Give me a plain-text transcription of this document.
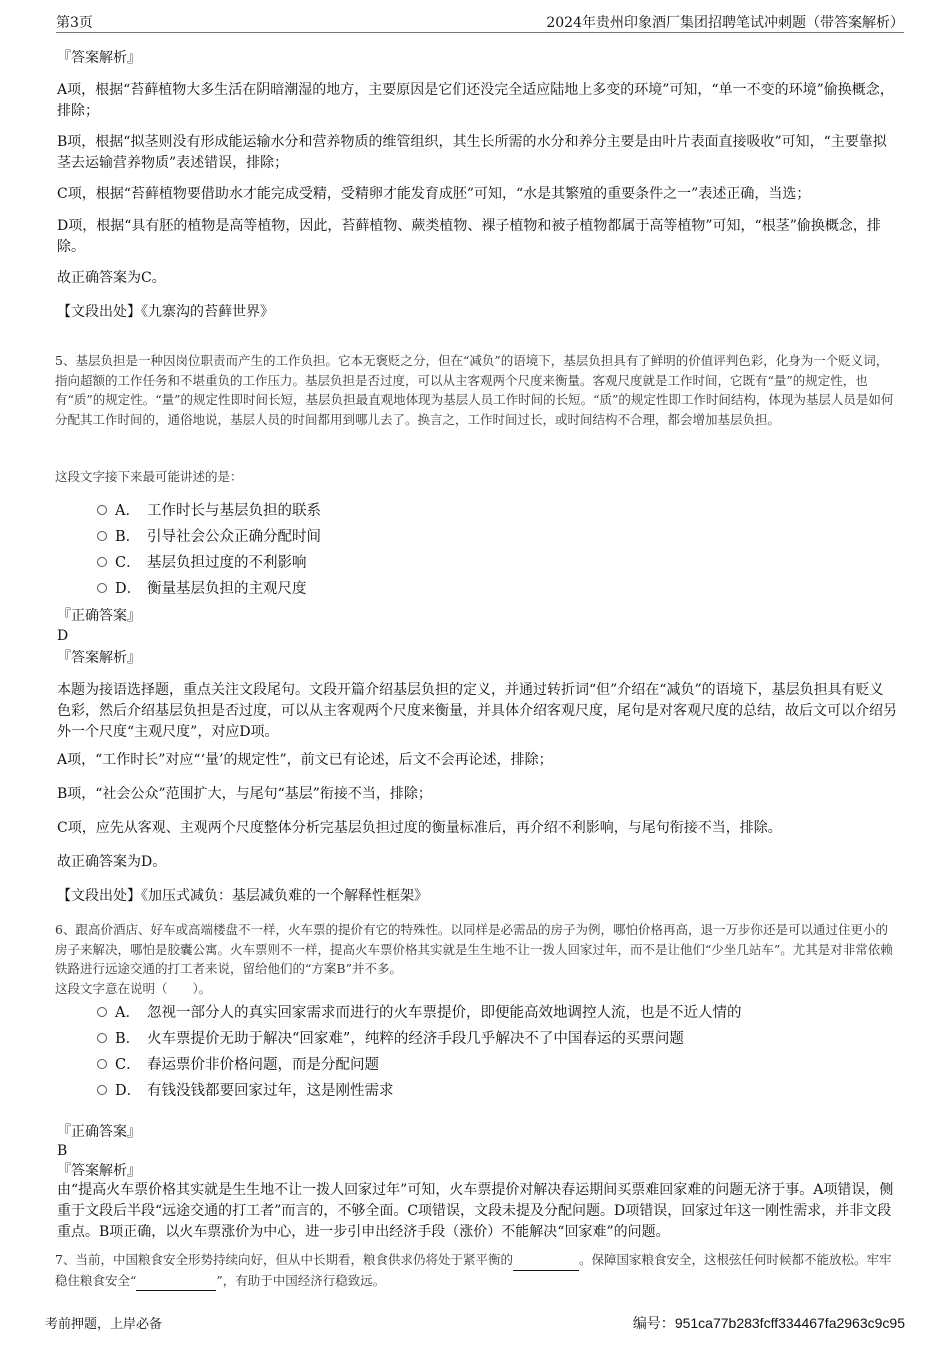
第3页	2024年贵州印象酒厂集团招聘笔试冲刺题（带答案解析）
『答案解析』
A项，根据“苔藓植物大多生活在阴暗潮湿的地方，主要原因是它们还没完全适应陆地上多变的环境”可知，“单一不变的环境”偷换概念，排除；
B项，根据“拟茎则没有形成能运输水分和营养物质的维管组织，其生长所需的水分和养分主要是由叶片表面直接吸收”可知，“主要靠拟茎去运输营养物质”表述错误，排除；
C项，根据“苔藓植物要借助水才能完成受精，受精卵才能发育成胚”可知，“水是其繁殖的重要条件之一”表述正确，当选；
D项，根据“具有胚的植物是高等植物，因此，苔藓植物、蕨类植物、裸子植物和被子植物都属于高等植物”可知，“根茎”偷换概念，排除。
故正确答案为C。
【文段出处】《九寨沟的苔藓世界》
5、基层负担是一种因岗位职责而产生的工作负担。它本无褒贬之分，但在“减负”的语境下，基层负担具有了鲜明的价值评判色彩，化身为一个贬义词，指向超额的工作任务和不堪重负的工作压力。基层负担是否过度，可以从主客观两个尺度来衡量。客观尺度就是工作时间，它既有“量”的规定性，也有“质”的规定性。“量”的规定性即时间长短，基层负担最直观地体现为基层人员工作时间的长短。“质”的规定性即工作时间结构，体现为基层人员是如何分配其工作时间的，通俗地说，基层人员的时间都用到哪儿去了。换言之，工作时间过长，或时间结构不合理，都会增加基层负担。
这段文字接下来最可能讲述的是：
A． 工作时长与基层负担的联系
B． 引导社会公众正确分配时间
C． 基层负担过度的不利影响
D． 衡量基层负担的主观尺度
『正确答案』
D
『答案解析』
本题为接语选择题，重点关注文段尾句。文段开篇介绍基层负担的定义，并通过转折词“但”介绍在“减负”的语境下，基层负担具有贬义色彩，然后介绍基层负担是否过度，可以从主客观两个尺度来衡量，并具体介绍客观尺度，尾句是对客观尺度的总结，故后文可以介绍另外一个尺度“主观尺度”，对应D项。
A项，“工作时长”对应“‘量’的规定性”，前文已有论述，后文不会再论述，排除；
B项，“社会公众”范围扩大，与尾句“基层”衔接不当，排除；
C项，应先从客观、主观两个尺度整体分析完基层负担过度的衡量标准后，再介绍不利影响，与尾句衔接不当，排除。
故正确答案为D。
【文段出处】《加压式减负：基层减负难的一个解释性框架》
6、跟高价酒店、好车或高端楼盘不一样，火车票的提价有它的特殊性。以同样是必需品的房子为例，哪怕价格再高，退一万步你还是可以通过住更小的房子来解决，哪怕是胶囊公寓。火车票则不一样，提高火车票价格其实就是生生地不让一拨人回家过年，而不是让他们“少坐几站车”。尤其是对非常依赖铁路进行远途交通的打工者来说，留给他们的“方案B”并不多。
这段文字意在说明（　　）。
A． 忽视一部分人的真实回家需求而进行的火车票提价，即便能高效地调控人流，也是不近人情的
B． 火车票提价无助于解决“回家难”，纯粹的经济手段几乎解决不了中国春运的买票问题
C． 春运票价非价格问题，而是分配问题
D． 有钱没钱都要回家过年，这是刚性需求
『正确答案』
B
『答案解析』
由“提高火车票价格其实就是生生地不让一拨人回家过年”可知，火车票提价对解决春运期间买票难回家难的问题无济于事。A项错误，侧重于文段后半段“远途交通的打工者”而言的，不够全面。C项错误，文段未提及分配问题。D项错误，回家过年这一刚性需求，并非文段重点。B项正确，以火车票涨价为中心，进一步引申出经济手段（涨价）不能解决“回家难”的问题。
7、当前，中国粮食安全形势持续向好，但从中长期看，粮食供求仍将处于紧平衡的	。保障国家粮食安全，这根弦任何时候都不能放松。牢牢稳住粮食安全“	”，有助于中国经济行稳致远。
考前押题，上岸必备	编号：951ca77b283fcff334467fa2963c9c95
